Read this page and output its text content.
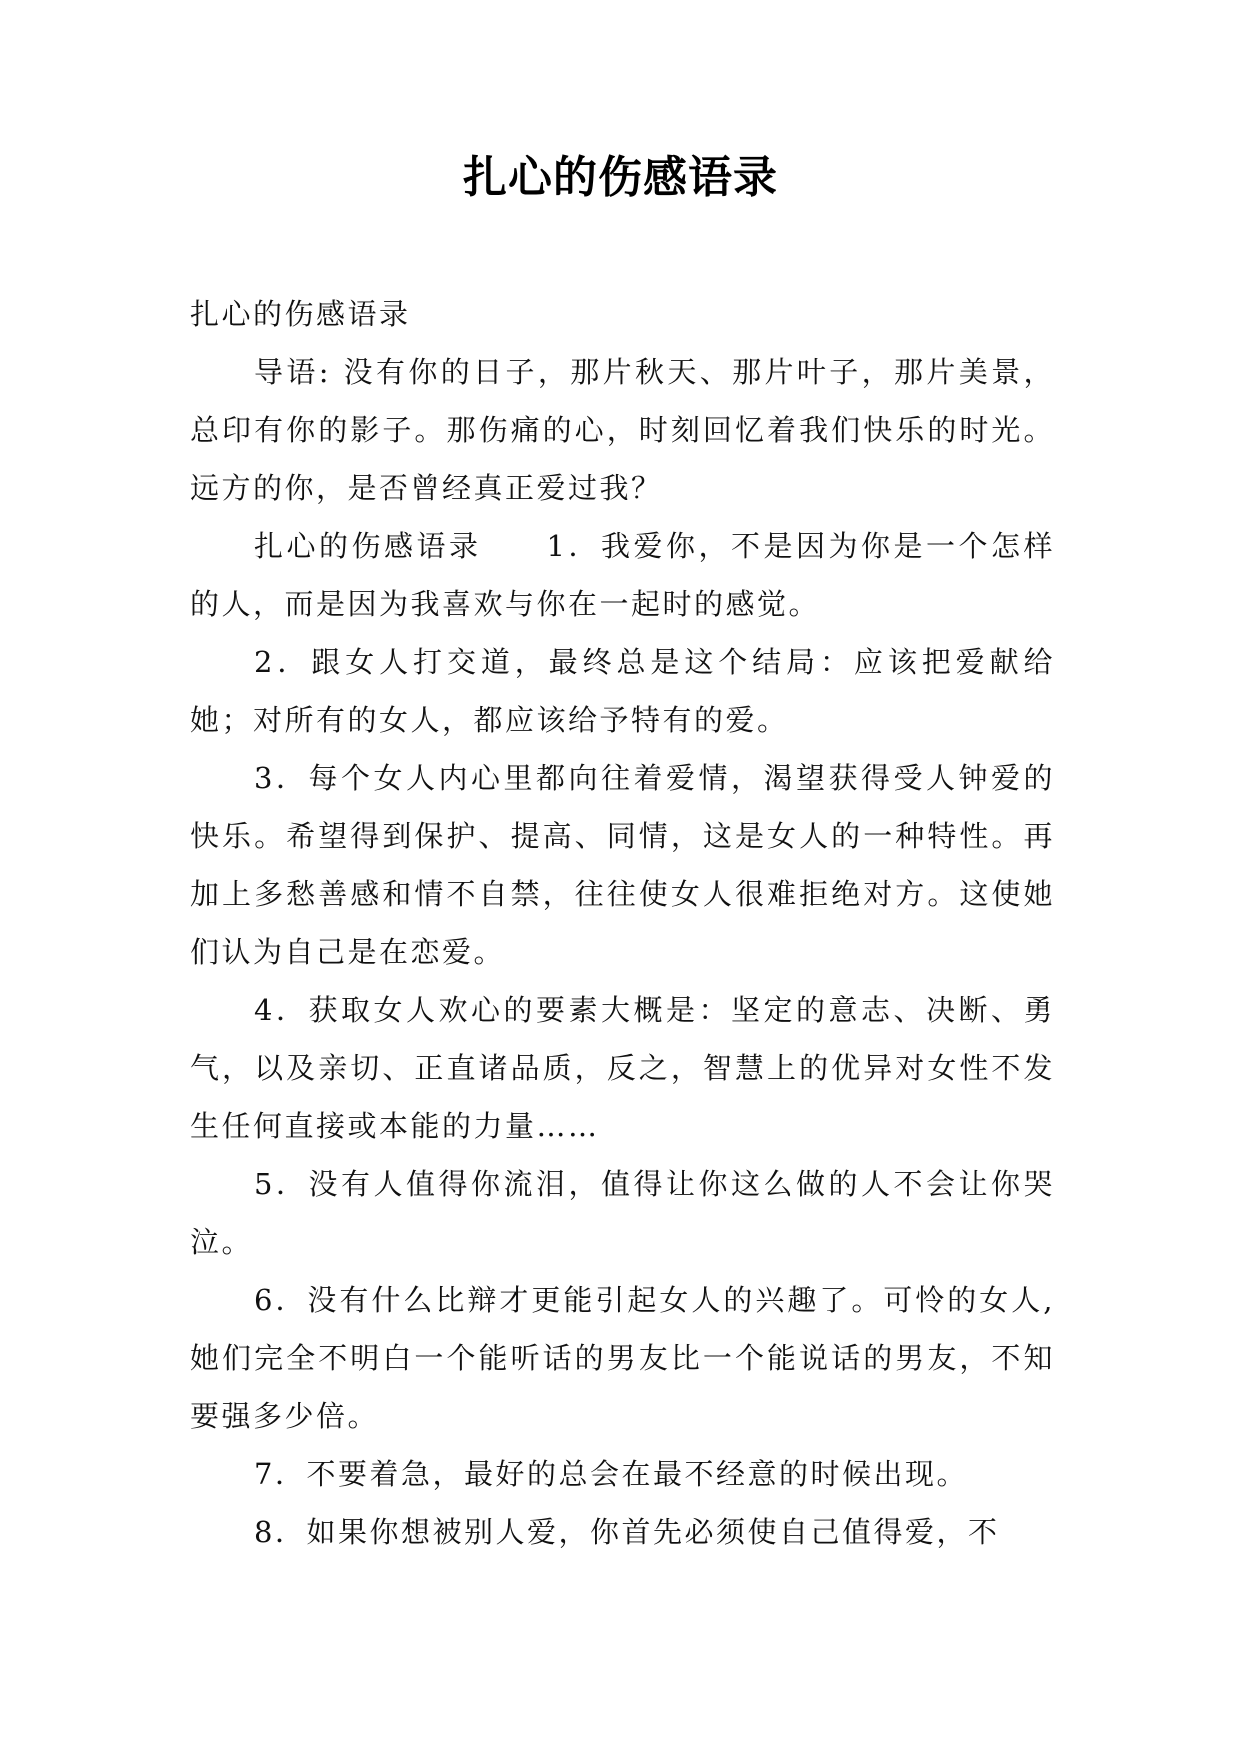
扎心的伤感语录

扎心的伤感语录

导语: 没有你的日子，那片秋天、那片叶子，那片美景，总印有你的影子。那伤痛的心，时刻回忆着我们快乐的时光。远方的你，是否曾经真正爱过我？

扎心的伤感语录　　1．我爱你，不是因为你是一个怎样的人，而是因为我喜欢与你在一起时的感觉。

2．跟女人打交道，最终总是这个结局：应该把爱献给她；对所有的女人，都应该给予特有的爱。

3．每个女人内心里都向往着爱情，渴望获得受人钟爱的快乐。希望得到保护、提高、同情，这是女人的一种特性。再加上多愁善感和情不自禁，往往使女人很难拒绝对方。这使她们认为自己是在恋爱。

4．获取女人欢心的要素大概是：坚定的意志、决断、勇气，以及亲切、正直诸品质，反之，智慧上的优异对女性不发生任何直接或本能的力量……

5．没有人值得你流泪，值得让你这么做的人不会让你哭泣。

6．没有什么比辩才更能引起女人的兴趣了。可怜的女人,她们完全不明白一个能听话的男友比一个能说话的男友，不知要强多少倍。

7．不要着急，最好的总会在最不经意的时候出现。

8．如果你想被别人爱，你首先必须使自己值得爱，不
